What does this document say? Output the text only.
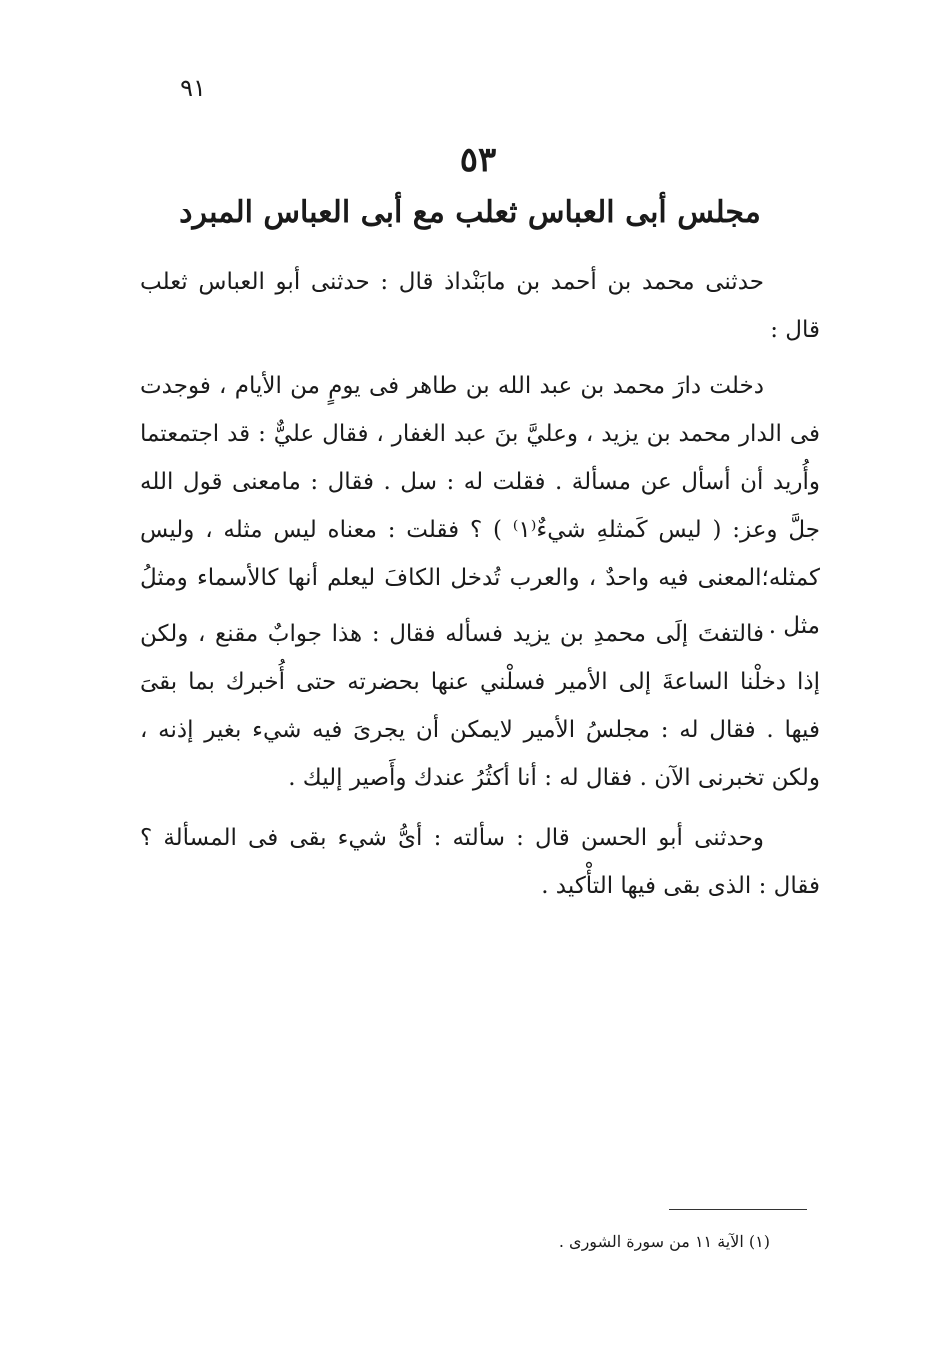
٩١
٥٣
مجلس أبى العباس ثعلب مع أبى العباس المبرد

حدثنى محمد بن أحمد بن مابَنْداذ قال : حدثنى أبو العباس ثعلب قال :

دخلت دارَ محمد بن عبد الله بن طاهر فى يومٍ من الأيام ، فوجدت فى الدار محمد بن يزيد ، وعليَّ بنَ عبد الغفار ، فقال عليٌّ : قد اجتمعتما وأُريد أن أسأل عن مسألة . فقلت له : سل . فقال : مامعنى قول الله جلَّ وعز: ( ليس كَمثلهِ شيءٌ⁽١⁾ ) ؟ فقلت : معناه ليس مثله ، وليس كمثله؛المعنى فيه واحدٌ ، والعرب تُدخل الكافَ ليعلم أنها كالأسماء ومثلُ مثل .

فالتفتَ إلَى محمدِ بن يزيد فسأله فقال : هذا جوابٌ مقنع ، ولكن إذا دخلْنا الساعةَ إلى الأمير فسلْني عنها بحضرته حتى أُخبرك بما بقىَ فيها . فقال له : مجلسُ الأمير لايمكن أن يجرىَ فيه شيء بغير إذنه ، ولكن تخبرنى الآن . فقال له : أنا أكثُرُ عندك وأَصير إليك .

وحدثنى أبو الحسن قال : سألته : أىُّ شيء بقى فى المسألة ؟ فقال : الذى بقى فيها التأْكيد .

(١) الآية ١١ من سورة الشورى .
